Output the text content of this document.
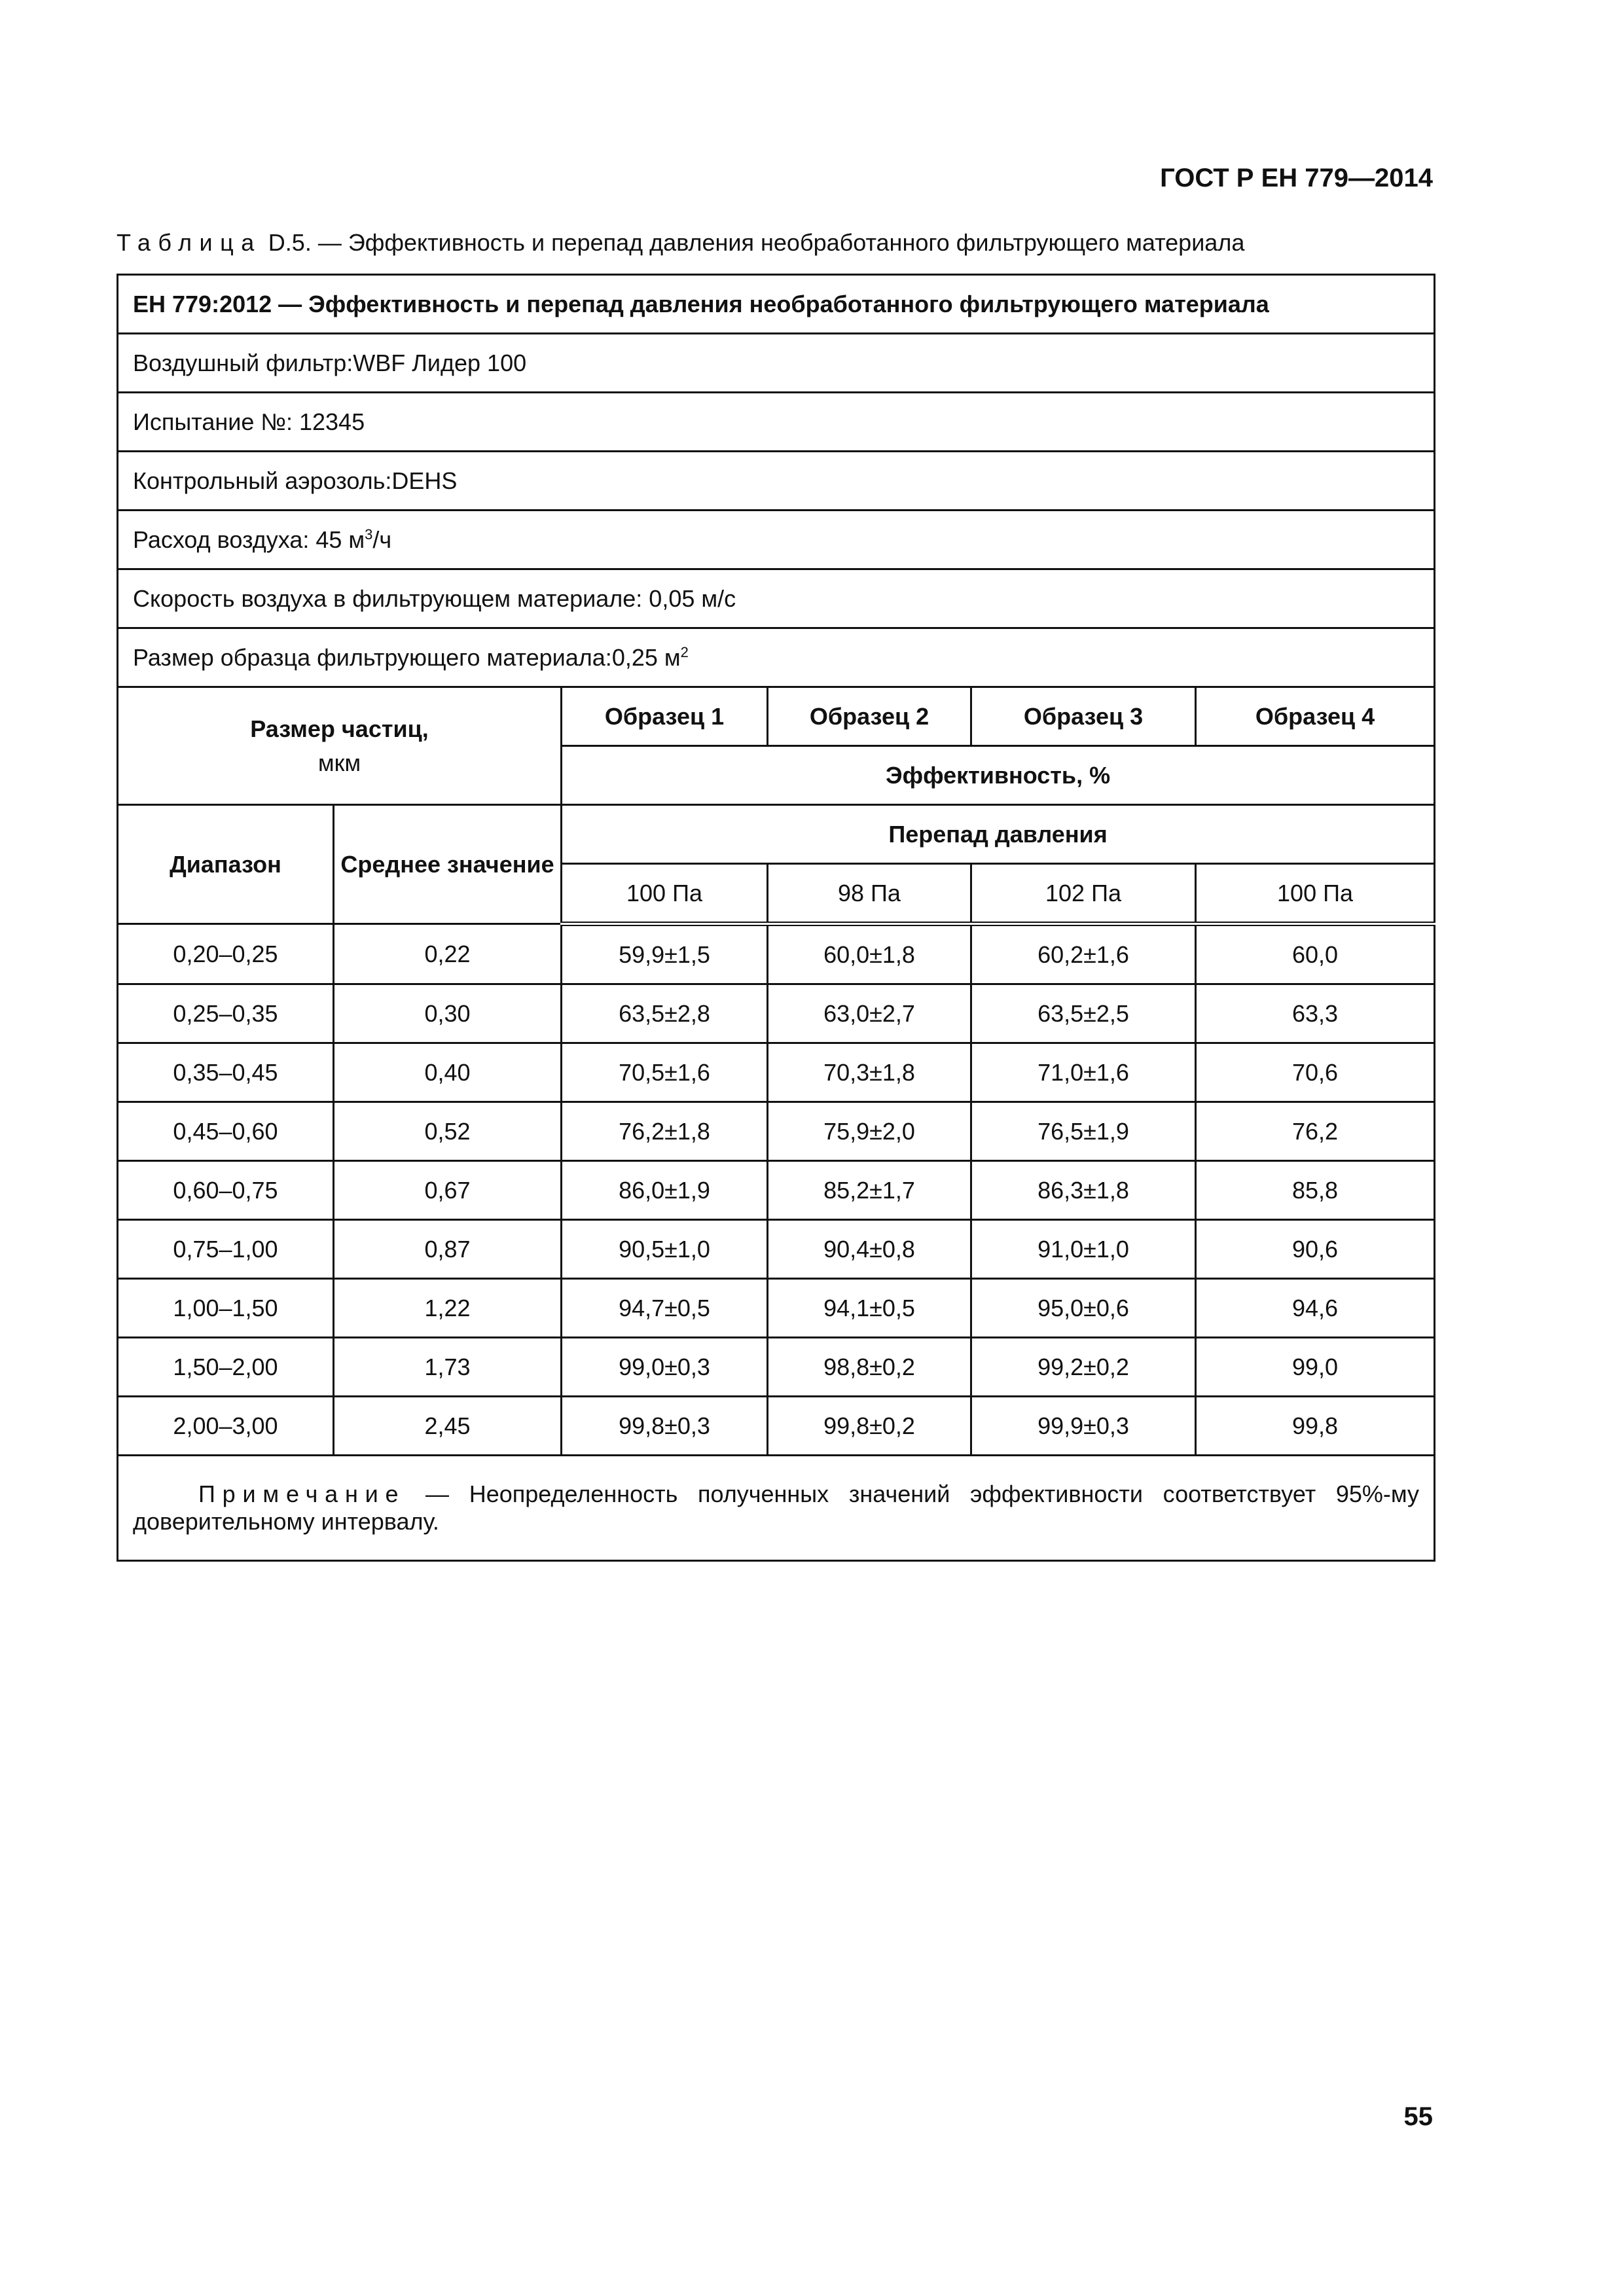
ГОСТ Р ЕН 779—2014
Таблица D.5. — Эффективность и перепад давления необработанного фильтрующего материала
ЕН 779:2012 — Эффективность и перепад давления необработанного фильтрующего материала					
Воздушный фильтр:WBF Лидер 100					
Испытание №: 12345					
Контрольный аэрозоль:DEHS					
Расход воздуха: 45 $м^3/ч$					
Скорость воздуха в фильтрующем материале: 0,05 м/с					
Размер образца фильтрующего материала:0,25 $м^2$
Размер частиц,
мкм		Образец 1	Образец 2	Образец 3	Образец 4
		Эффективность, %			
Диапазон	Среднее значение	Перепад давления			
		100 Па	98 Па	102 Па	100 Па
0,20–0,25	0,22	59,9±1,5	60,0±1,8	60,2±1,6	60,0
0,25–0,35	0,30	63,5±2,8	63,0±2,7	63,5±2,5	63,3
0,35–0,45	0,40	70,5±1,6	70,3±1,8	71,0±1,6	70,6
0,45–0,60	0,52	76,2±1,8	75,9±2,0	76,5±1,9	76,2
0,60–0,75	0,67	86,0±1,9	85,2±1,7	86,3±1,8	85,8
0,75–1,00	0,87	90,5±1,0	90,4±0,8	91,0±1,0	90,6
1,00–1,50	1,22	94,7±0,5	94,1±0,5	95,0±0,6	94,6
1,50–2,00	1,73	99,0±0,3	98,8±0,2	99,2±0,2	99,0
2,00–3,00	2,45	99,8±0,3	99,8±0,2	99,9±0,3	99,8
Примечание — Неопределенность полученных значений эффективности соответствует 95%-му доверительному интервалу.					
55
